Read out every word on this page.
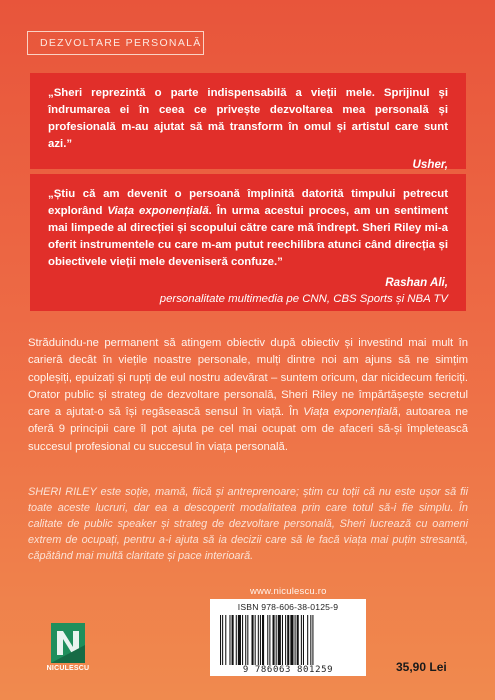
DEZVOLTARE PERSONALĂ
„Sheri reprezintă o parte indispensabilă a vieții mele. Sprijinul și îndrumarea ei în ceea ce privește dezvoltarea mea personală și profesională m-au ajutat să mă transform în omul și artistul care sunt azi.”
Usher,
„Știu că am devenit o persoană împlinită datorită timpului petrecut explorând Viața exponențială. În urma acestui proces, am un sentiment mai limpede al direcției și scopului către care mă îndrept. Sheri Riley mi-a oferit instrumentele cu care m-am putut reechilibra atunci când direcția și obiectivele vieții mele deveniseră confuze.”
Rashan Ali,
personalitate multimedia pe CNN, CBS Sports și NBA TV

Străduindu-ne permanent să atingem obiectiv după obiectiv și investind mai mult în carieră decât în viețile noastre personale, mulți dintre noi am ajuns să ne simțim copleșiți, epuizați și rupți de eul nostru adevărat – suntem oricum, dar nicidecum fericiți. Orator public și strateg de dezvoltare personală, Sheri Riley ne împărtășește secretul care a ajutat-o să își regăsească sensul în viață. În Viața exponențială, autoarea ne oferă 9 principii care îl pot ajuta pe cel mai ocupat om de afaceri să-și împletească succesul profesional cu succesul în viața personală.

SHERI RILEY este soție, mamă, fiică și antreprenoare; știm cu toții că nu este ușor să fii toate aceste lucruri, dar ea a descoperit modalitatea prin care totul să-i fie simplu. În calitate de public speaker și strateg de dezvoltare personală, Sheri lucrează cu oameni extrem de ocupați, pentru a-i ajuta să ia decizii care să le facă viața mai puțin stresantă, căpătând mai multă claritate și pace interioară.

www.niculescu.ro
NICULESCU
ISBN 978-606-38-0125-9
9 786063 801259	35,90 Lei
